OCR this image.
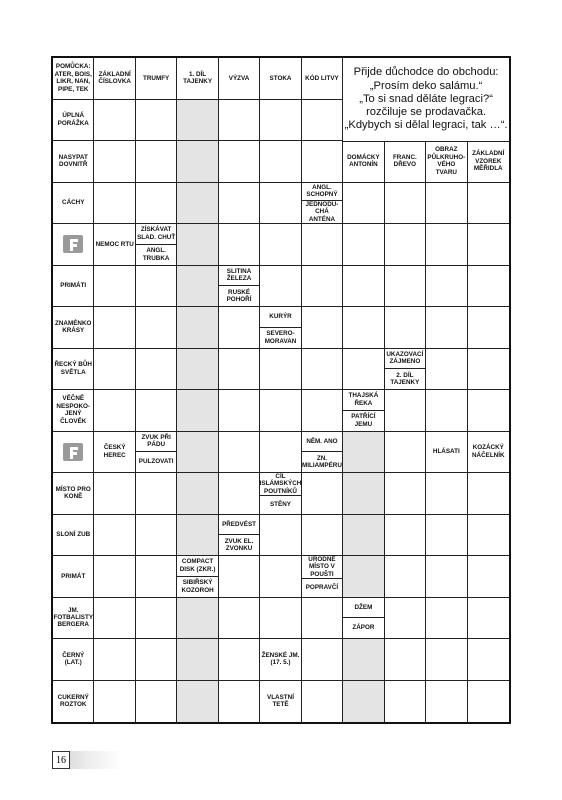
POMŮCKA: ATER, BOIS, LIKR, NAN, PIPE, TEK
ZÁKLADNÍ ČÍSLOVKA
TRUMFY
1. DÍL TAJENKY
VÝZVA	STOKA	KÓD LITVY
ÚPLNÁ PORÁŽKA
NASYPAT DOVNITŘ
DOMÁCKY ANTONÍN
FRANC. DŘEVO
OBRAZ PŮLKRUHO-VÉHO TVARU
ZÁKLADNÍ VZOREK MĚŘIDLA
CÁCHY
ANGL. SCHOPNÝ
JEDNODU-CHÁ ANTÉNA
NEMOC RTU
ZÍSKÁVAT SLAD. CHUŤ
ANGL. TRUBKA
PRIMÁTI
SLITINA ŽELEZA
RUSKÉ POHOŘÍ
ZNAMÉNKO KRÁSY
KURÝR
SEVERO-MORAVAN
ŘECKÝ BŮH SVĚTLA
UKAZOVACÍ ZÁJMENO
2. DÍL TAJENKY
VĚČNĚ NESPOKO-JENÝ ČLOVĚK
THAJSKÁ ŘEKA
PATŘÍCÍ JEMU
ČESKÝ HEREC
ZVUK PŘI PÁDU
PULZOVATI
NĚM. ANO
ZN. MILIAMPÉRU
HLÁSATI
KOZÁCKÝ NÁČELNÍK
MÍSTO PRO KONĚ
CÍL ISLÁMSKÝCH POUTNÍKŮ
STĚNY
SLONÍ ZUB
PŘEDVÉST
ZVUK EL. ZVONKU
PRIMÁT
COMPACT DISK (ZKR.)
SIBIŘSKÝ KOZOROH
ÚRODNÉ MÍSTO V POUŠTI
POPRAVČÍ
JM. FOTBALISTY BERGERA
DŽEM
ZÁPOR
ČERNÝ (LAT.)
ŽENSKÉ JM. (17. 5.)
CUKERNÝ ROZTOK
VLASTNÍ TETĚ
Přijde důchodce do obchodu:
„Prosím deko salámu.“
„To si snad děláte legraci?“
rozčiluje se prodavačka.
„Kdybych si dělal legraci, tak …“.
16
